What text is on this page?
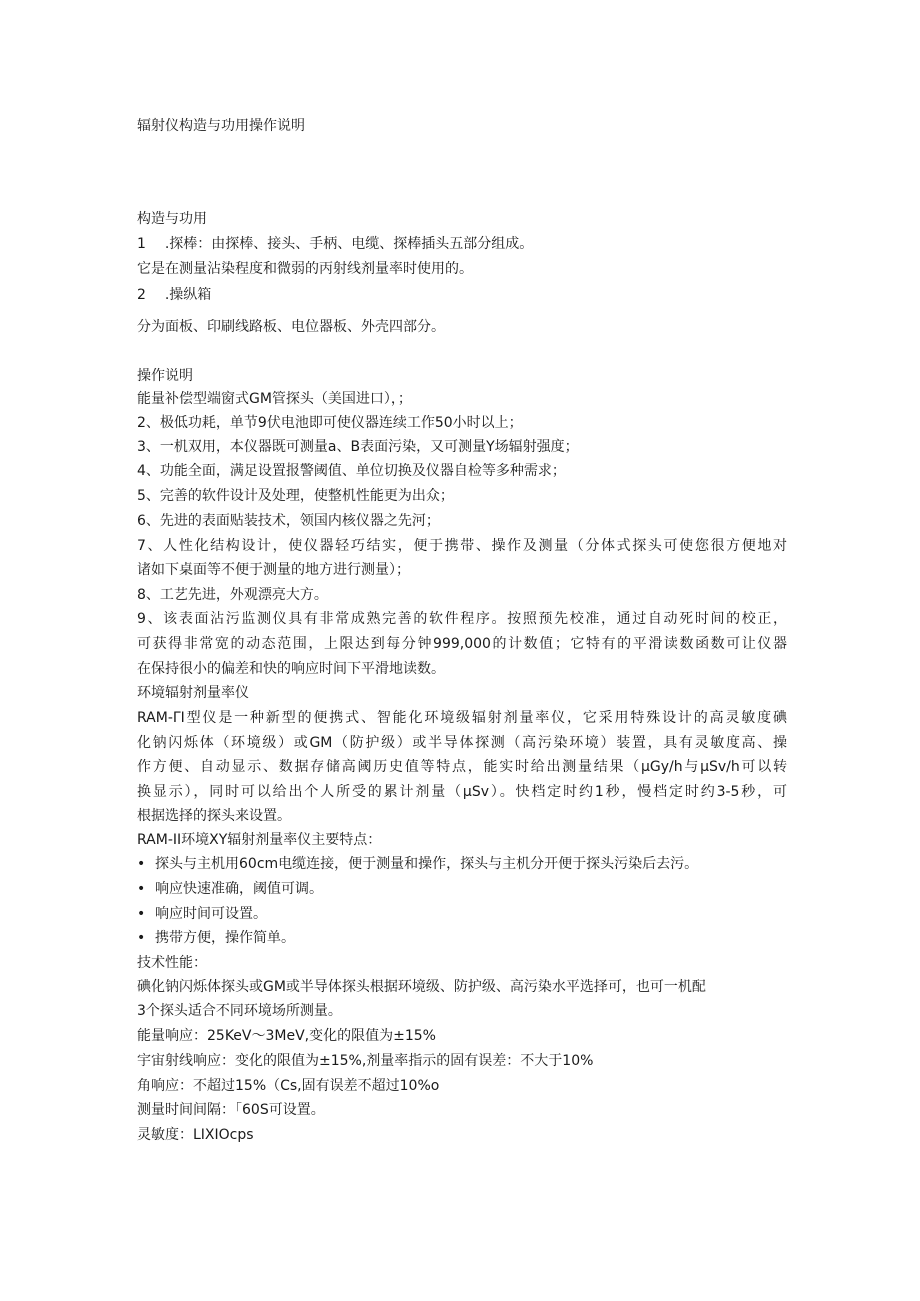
辐射仪构造与功用操作说明
构造与功用
1 .探棒：由探棒、接头、手柄、电缆、探棒插头五部分组成。
它是在测量沾染程度和微弱的丙射线剂量率时使用的。
2 .操纵箱
分为面板、印刷线路板、电位器板、外壳四部分。
操作说明
能量补偿型端窗式GM管探头（美国进口），；
2、极低功耗，单节9伏电池即可使仪器连续工作50小时以上；
3、一机双用，本仪器既可测量a、B表面污染，又可测量Y场辐射强度；
4、功能全面，满足设置报警阈值、单位切换及仪器自检等多种需求；
5、完善的软件设计及处理，使整机性能更为出众；
6、先进的表面贴装技术，领国内核仪器之先河；
7、人性化结构设计，使仪器轻巧结实，便于携带、操作及测量（分体式探头可使您很方便地对
诸如下桌面等不便于测量的地方进行测量）；
8、工艺先进，外观漂亮大方。
9、该表面沾污监测仪具有非常成熟完善的软件程序。按照预先校准，通过自动死时间的校正，
可获得非常宽的动态范围，上限达到每分钟999,000的计数值；它特有的平滑读数函数可让仪器
在保持很小的偏差和快的响应时间下平滑地读数。
环境辐射剂量率仪
RAM-ΓI型仪是一种新型的便携式、智能化环境级辐射剂量率仪，它采用特殊设计的高灵敏度碘
化钠闪烁体（环境级）或GM（防护级）或半导体探测（高污染环境）装置，具有灵敏度高、操
作方便、自动显示、数据存储高阈历史值等特点，能实时给出测量结果（μGy/h与μSv/h可以转
换显示），同时可以给出个人所受的累计剂量（μSv）。快档定时约1秒，慢档定时约3-5秒，可
根据选择的探头来设置。
RAM-II环境XY辐射剂量率仪主要特点：
• 探头与主机用60cm电缆连接，便于测量和操作，探头与主机分开便于探头污染后去污。
• 响应快速准确，阈值可调。
• 响应时间可设置。
• 携带方便，操作简单。
技术性能：
碘化钠闪烁体探头或GM或半导体探头根据环境级、防护级、高污染水平选择可，也可一机配
3个探头适合不同环境场所测量。
能量响应：25KeV～3MeV,变化的限值为±15%
宇宙射线响应：变化的限值为±15%,剂量率指示的固有误差：不大于10%
角响应：不超过15%（Cs,固有误差不超过10%o
测量时间间隔：「60S可设置。
灵敏度：LIXIOcps
